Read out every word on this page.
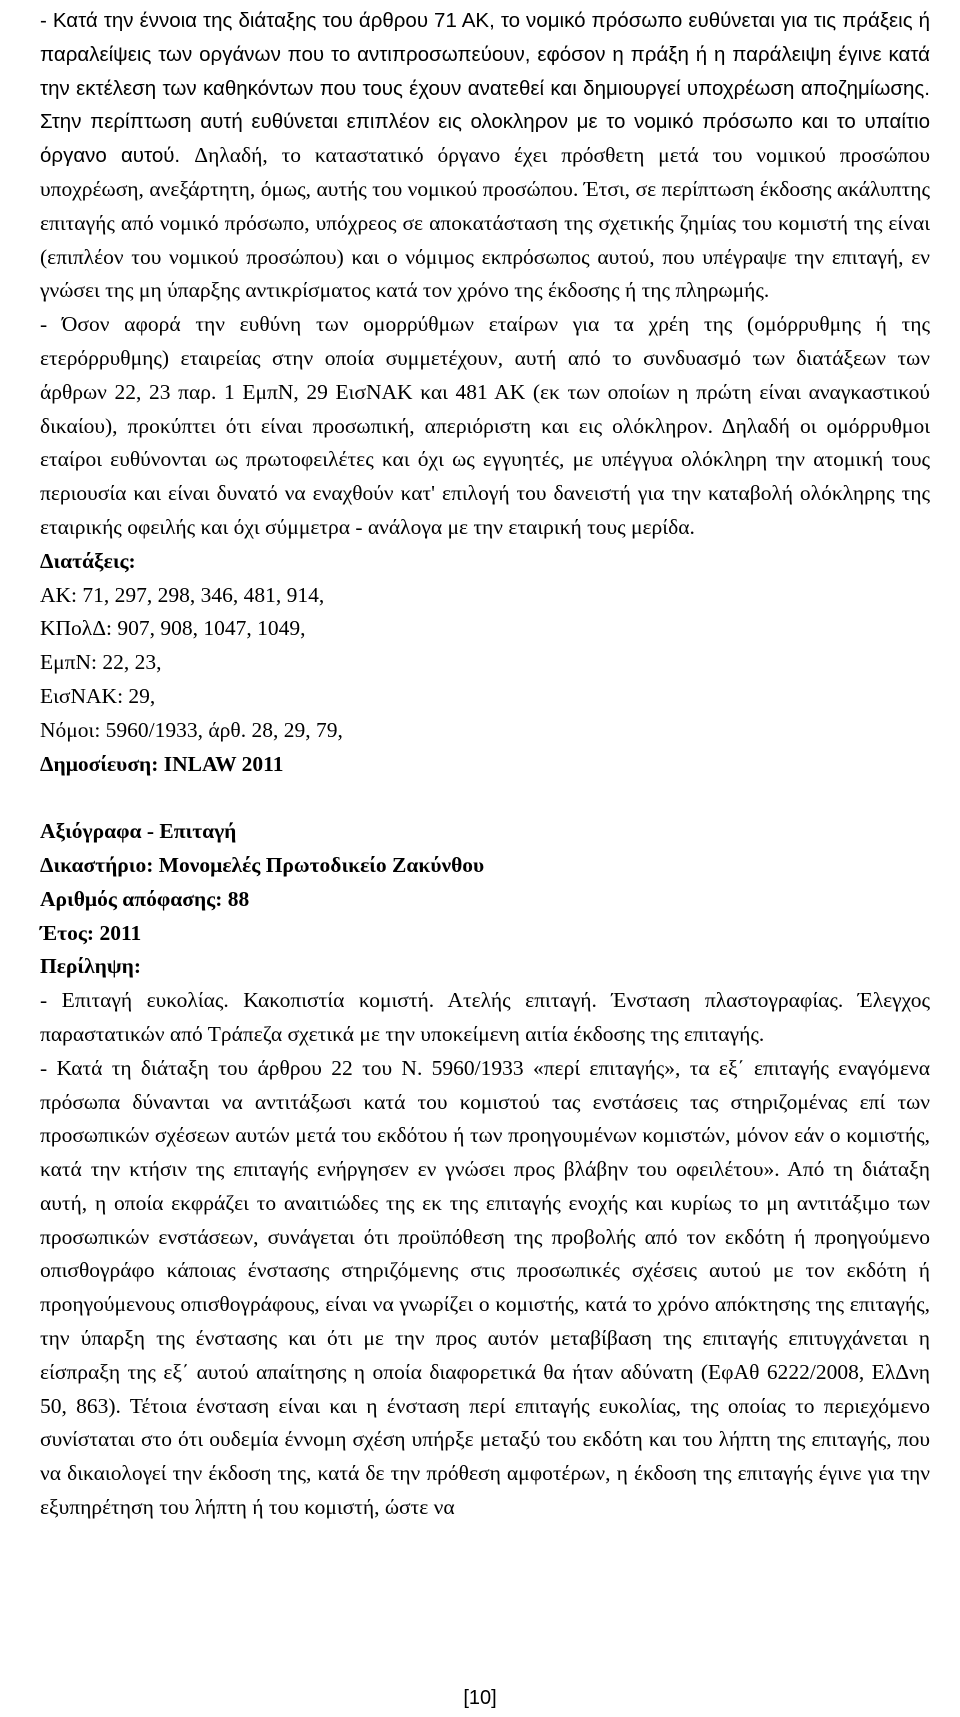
- Κατά την έννοια της διάταξης του άρθρου 71 ΑΚ, το νομικό πρόσωπο ευθύνεται για τις πράξεις ή παραλείψεις των οργάνων που το αντιπροσωπεύουν, εφόσον η πράξη ή η παράλειψη έγινε κατά την εκτέλεση των καθηκόντων που τους έχουν ανατεθεί και δημιουργεί υποχρέωση αποζημίωσης. Στην περίπτωση αυτή ευθύνεται επιπλέον εις ολοκληρον με το νομικό πρόσωπο και το υπαίτιο όργανο αυτού. Δηλαδή, το καταστατικό όργανο έχει πρόσθετη μετά του νομικού προσώπου υποχρέωση, ανεξάρτητη, όμως, αυτής του νομικού προσώπου. Έτσι, σε περίπτωση έκδοσης ακάλυπτης επιταγής από νομικό πρόσωπο, υπόχρεος σε αποκατάσταση της σχετικής ζημίας του κομιστή της είναι (επιπλέον του νομικού προσώπου) και ο νόμιμος εκπρόσωπος αυτού, που υπέγραψε την επιταγή, εν γνώσει της μη ύπαρξης αντικρίσματος κατά τον χρόνο της έκδοσης ή της πληρωμής.

- Όσον αφορά την ευθύνη των ομορρύθμων εταίρων για τα χρέη της (ομόρρυθμης ή της ετερόρρυθμης) εταιρείας στην οποία συμμετέχουν, αυτή από το συνδυασμό των διατάξεων των άρθρων 22, 23 παρ. 1 ΕμπΝ, 29 ΕισΝΑΚ και 481 ΑΚ (εκ των οποίων η πρώτη είναι αναγκαστικού δικαίου), προκύπτει ότι είναι προσωπική, απεριόριστη και εις ολόκληρον. Δηλαδή οι ομόρρυθμοι εταίροι ευθύνονται ως πρωτοφειλέτες και όχι ως εγγυητές, με υπέγγυα ολόκληρη την ατομική τους περιουσία και είναι δυνατό να εναχθούν κατ' επιλογή του δανειστή για την καταβολή ολόκληρης της εταιρικής οφειλής και όχι σύμμετρα - ανάλογα με την εταιρική τους μερίδα.

Διατάξεις:

ΑΚ: 71, 297, 298, 346, 481, 914,

ΚΠολΔ: 907, 908, 1047, 1049,

ΕμπΝ: 22, 23,

ΕισΝΑΚ: 29,

Νόμοι: 5960/1933, άρθ. 28, 29, 79,

Δημοσίευση: INLAW 2011

Αξιόγραφα - Επιταγή

Δικαστήριο: Μονομελές Πρωτοδικείο Ζακύνθου

Αριθμός απόφασης: 88

Έτος: 2011

Περίληψη:

- Επιταγή ευκολίας. Κακοπιστία κομιστή. Ατελής επιταγή. Ένσταση πλαστογραφίας. Έλεγχος παραστατικών από Τράπεζα σχετικά με την υποκείμενη αιτία έκδοσης της επιταγής.

- Κατά τη διάταξη του άρθρου 22 του Ν. 5960/1933 «περί επιταγής», τα εξ΄ επιταγής εναγόμενα πρόσωπα δύνανται να αντιτάξωσι κατά του κομιστού τας ενστάσεις τας στηριζομένας επί των προσωπικών σχέσεων αυτών μετά του εκδότου ή των προηγουμένων κομιστών, μόνον εάν ο κομιστής, κατά την κτήσιν της επιταγής ενήργησεν εν γνώσει προς βλάβην του οφειλέτου». Από τη διάταξη αυτή, η οποία εκφράζει το αναιτιώδες της εκ της επιταγής ενοχής και κυρίως το μη αντιτάξιμο των προσωπικών ενστάσεων, συνάγεται ότι προϋπόθεση της προβολής από τον εκδότη ή προηγούμενο οπισθογράφο κάποιας ένστασης στηριζόμενης στις προσωπικές σχέσεις αυτού με τον εκδότη ή προηγούμενους οπισθογράφους, είναι να γνωρίζει ο κομιστής, κατά το χρόνο απόκτησης της επιταγής, την ύπαρξη της ένστασης και ότι με την προς αυτόν μεταβίβαση της επιταγής επιτυγχάνεται η είσπραξη της εξ΄ αυτού απαίτησης η οποία διαφορετικά θα ήταν αδύνατη (ΕφΑθ 6222/2008, ΕλΔνη 50, 863). Τέτοια ένσταση είναι και η ένσταση περί επιταγής ευκολίας, της οποίας το περιεχόμενο συνίσταται στο ότι ουδεμία έννομη σχέση υπήρξε μεταξύ του εκδότη και του λήπτη της επιταγής, που να δικαιολογεί την έκδοση της, κατά δε την πρόθεση αμφοτέρων, η έκδοση της επιταγής έγινε για την εξυπηρέτηση του λήπτη ή του κομιστή, ώστε να

[10]
